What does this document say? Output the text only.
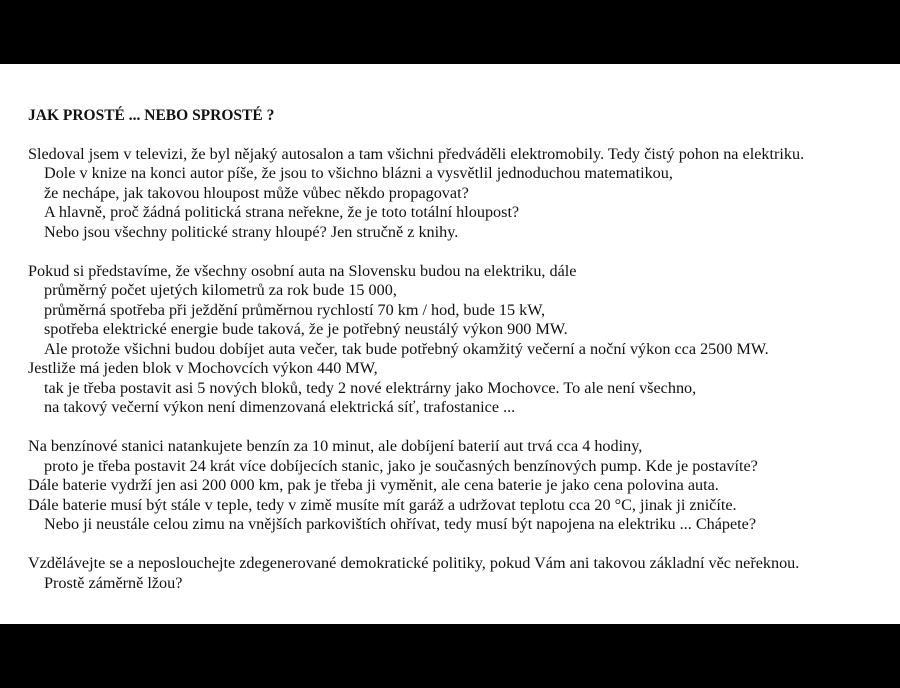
JAK PROSTÉ ... NEBO SPROSTÉ ?
Sledoval jsem v televizi, že byl nějaký autosalon a tam všichni předváděli elektromobily. Tedy čistý pohon na elektriku.
Dole v knize na konci autor píše, že jsou to všichno blázni a vysvětlil jednoduchou matematikou,
že nechápe, jak takovou hloupost může vůbec někdo propagovat?
A hlavně, proč žádná politická strana neřekne, že je toto totální hloupost?
Nebo jsou všechny politické strany hloupé? Jen stručně z knihy.
Pokud si představíme, že všechny osobní auta na Slovensku budou na elektriku, dále
průměrný počet ujetých kilometrů za rok bude 15 000,
průměrná spotřeba při ježdění průměrnou rychlostí 70 km / hod, bude 15 kW,
spotřeba elektrické energie bude taková, že je potřebný neustálý výkon 900 MW.
Ale protože všichni budou dobíjet auta večer, tak bude potřebný okamžitý večerní a noční výkon cca 2500 MW.
Jestliže má jeden blok v Mochovcích výkon 440 MW,
tak je třeba postavit asi 5 nových bloků, tedy 2 nové elektrárny jako Mochovce. To ale není všechno,
na takový večerní výkon není dimenzovaná elektrická síť, trafostanice ...
Na benzínové stanici natankujete benzín za 10 minut, ale dobíjení baterií aut trvá cca 4 hodiny,
proto je třeba postavit 24 krát více dobíjecích stanic, jako je současných benzínových pump. Kde je postavíte?
Dále baterie vydrží jen asi 200 000 km, pak je třeba ji vyměnit, ale cena baterie je jako cena polovina auta.
Dále baterie musí být stále v teple, tedy v zimě musíte mít garáž a udržovat teplotu cca 20 °C, jinak ji zničíte.
Nebo ji neustále celou zimu na vnějších parkovištích ohřívat, tedy musí být napojena na elektriku ... Chápete?
Vzdělávejte se a neposlouchejte zdegenerované demokratické politiky, pokud Vám ani takovou základní věc neřeknou.
Prostě záměrně lžou?
